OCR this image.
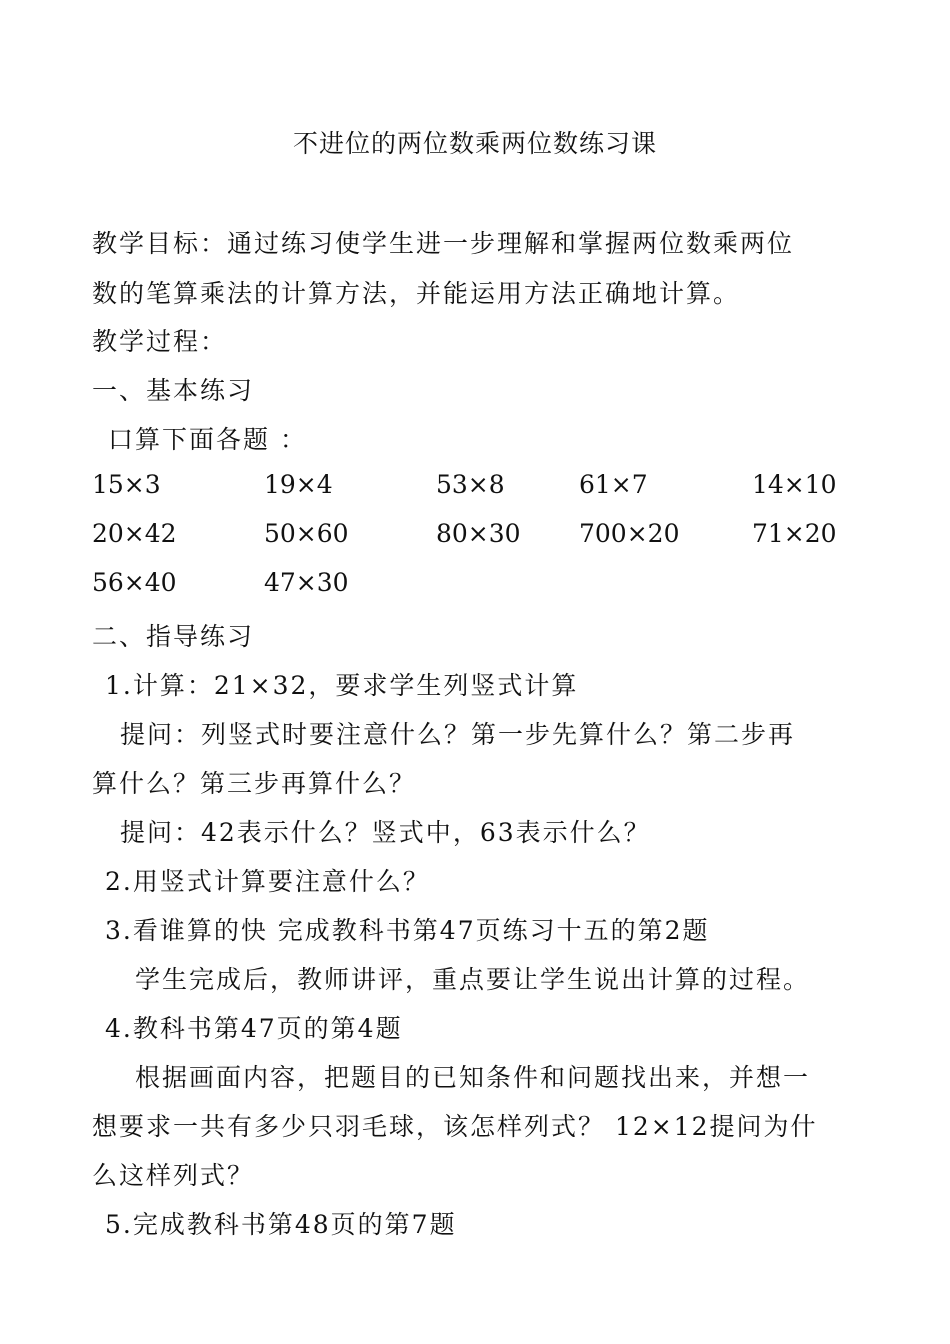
不进位的两位数乘两位数练习课
教学目标：通过练习使学生进一步理解和掌握两位数乘两位
数的笔算乘法的计算方法，并能运用方法正确地计算。
教学过程：
一、基本练习
口算下面各题 ：
15×3	19×4	53×8	61×7	14×10
20×42	50×60	80×30 700×20	71×20
56×40	47×30
二、指导练习
1.计算：21×32，要求学生列竖式计算
提问：列竖式时要注意什么？第一步先算什么？第二步再
算什么？第三步再算什么？
提问：42表示什么？竖式中，63表示什么？
2.用竖式计算要注意什么？
3.看谁算的快 完成教科书第47页练习十五的第2题
学生完成后，教师讲评，重点要让学生说出计算的过程。
4.教科书第47页的第4题
根据画面内容，把题目的已知条件和问题找出来，并想一
想要求一共有多少只羽毛球，该怎样列式？ 12×12提问为什
么这样列式？
5.完成教科书第48页的第7题
